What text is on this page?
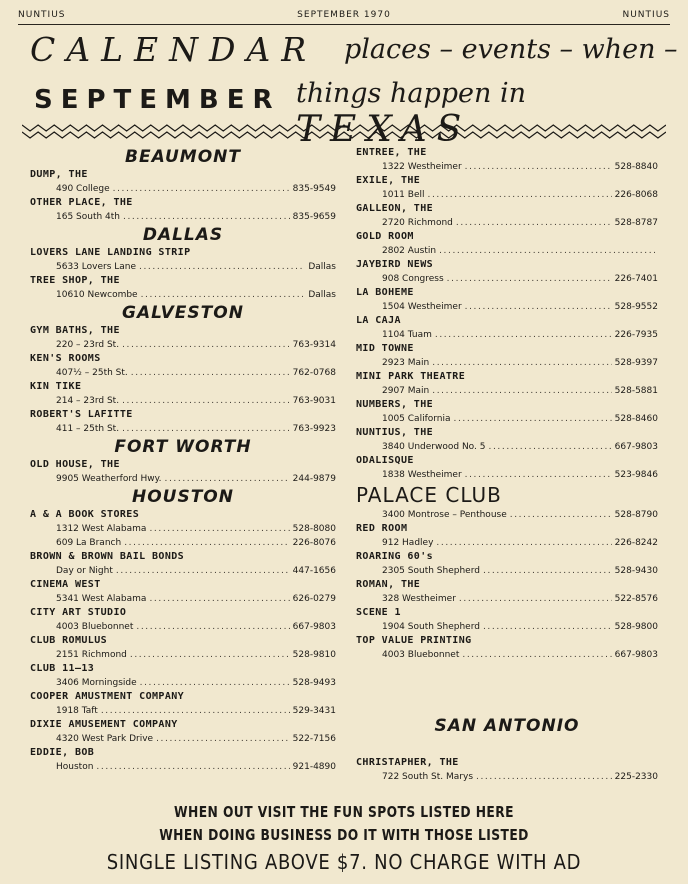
NUNTIUS	SEPTEMBER 1970	NUNTIUS
CALENDAR places – events – when –
SEPTEMBER things happen in TEXAS
BEAUMONT
DUMP, THE
490 College .....	835-9549
OTHER PLACE, THE
165 South 4th .....	835-9659
DALLAS
LOVERS LANE LANDING STRIP
5633 Lovers Lane .....	Dallas
TREE SHOP, THE
10610 Newcombe .....	Dallas
GALVESTON
GYM BATHS, THE
220 – 23rd St. .....	763-9314
KEN'S ROOMS
407½ – 25th St. .....	762-0768
KIN TIKE
214 – 23rd St. .....	763-9031
ROBERT'S LAFITTE
411 – 25th St. .....	763-9923
FORT WORTH
OLD HOUSE, THE
9905 Weatherford Hwy. .....	244-9879
HOUSTON
A & A BOOK STORES
1312 West Alabama .....	528-8080
609 La Branch .....	226-8076
BROWN & BROWN BAIL BONDS
Day or Night .....	447-1656
CINEMA WEST
5341 West Alabama .....	626-0279
CITY ART STUDIO
4003 Bluebonnet .....	667-9803
CLUB ROMULUS
2151 Richmond .....	528-9810
CLUB 11–13
3406 Morningside .....	528-9493
COOPER AMUSTMENT COMPANY
1918 Taft .....	529-3431
DIXIE AMUSEMENT COMPANY
4320 West Park Drive .....	522-7156
EDDIE, BOB
Houston .....	921-4890
ENTREE, THE
1322 Westheimer .....	528-8840
EXILE, THE
1011 Bell .....	226-8068
GALLEON, THE
2720 Richmond .....	528-8787
GOLD ROOM
2802 Austin
.....
JAYBIRD NEWS
908 Congress .....	226-7401
LA BOHEME
1504 Westheimer .....	528-9552
LA CAJA
1104 Tuam .....	226-7935
MID TOWNE
2923 Main .....	528-9397
MINI PARK THEATRE
2907 Main .....	528-5881
NUMBERS, THE
1005 California .....	528-8460
NUNTIUS, THE
3840 Underwood No. 5 .....	667-9803
ODALISQUE
1838 Westheimer .....	523-9846
PALACE CLUB
3400 Montrose – Penthouse .....	528-8790
RED ROOM
912 Hadley .....	226-8242
ROARING 60's
2305 South Shepherd .....	528-9430
ROMAN, THE
328 Westheimer .....	522-8576
SCENE 1
1904 South Shepherd .....	528-9800
TOP VALUE PRINTING
4003 Bluebonnet .....	667-9803
SAN ANTONIO
CHRISTAPHER, THE
722 South St. Marys .....	225-2330
WHEN OUT VISIT THE FUN SPOTS LISTED HERE
WHEN DOING BUSINESS DO IT WITH THOSE LISTED
SINGLE LISTING ABOVE $7. NO CHARGE WITH AD
